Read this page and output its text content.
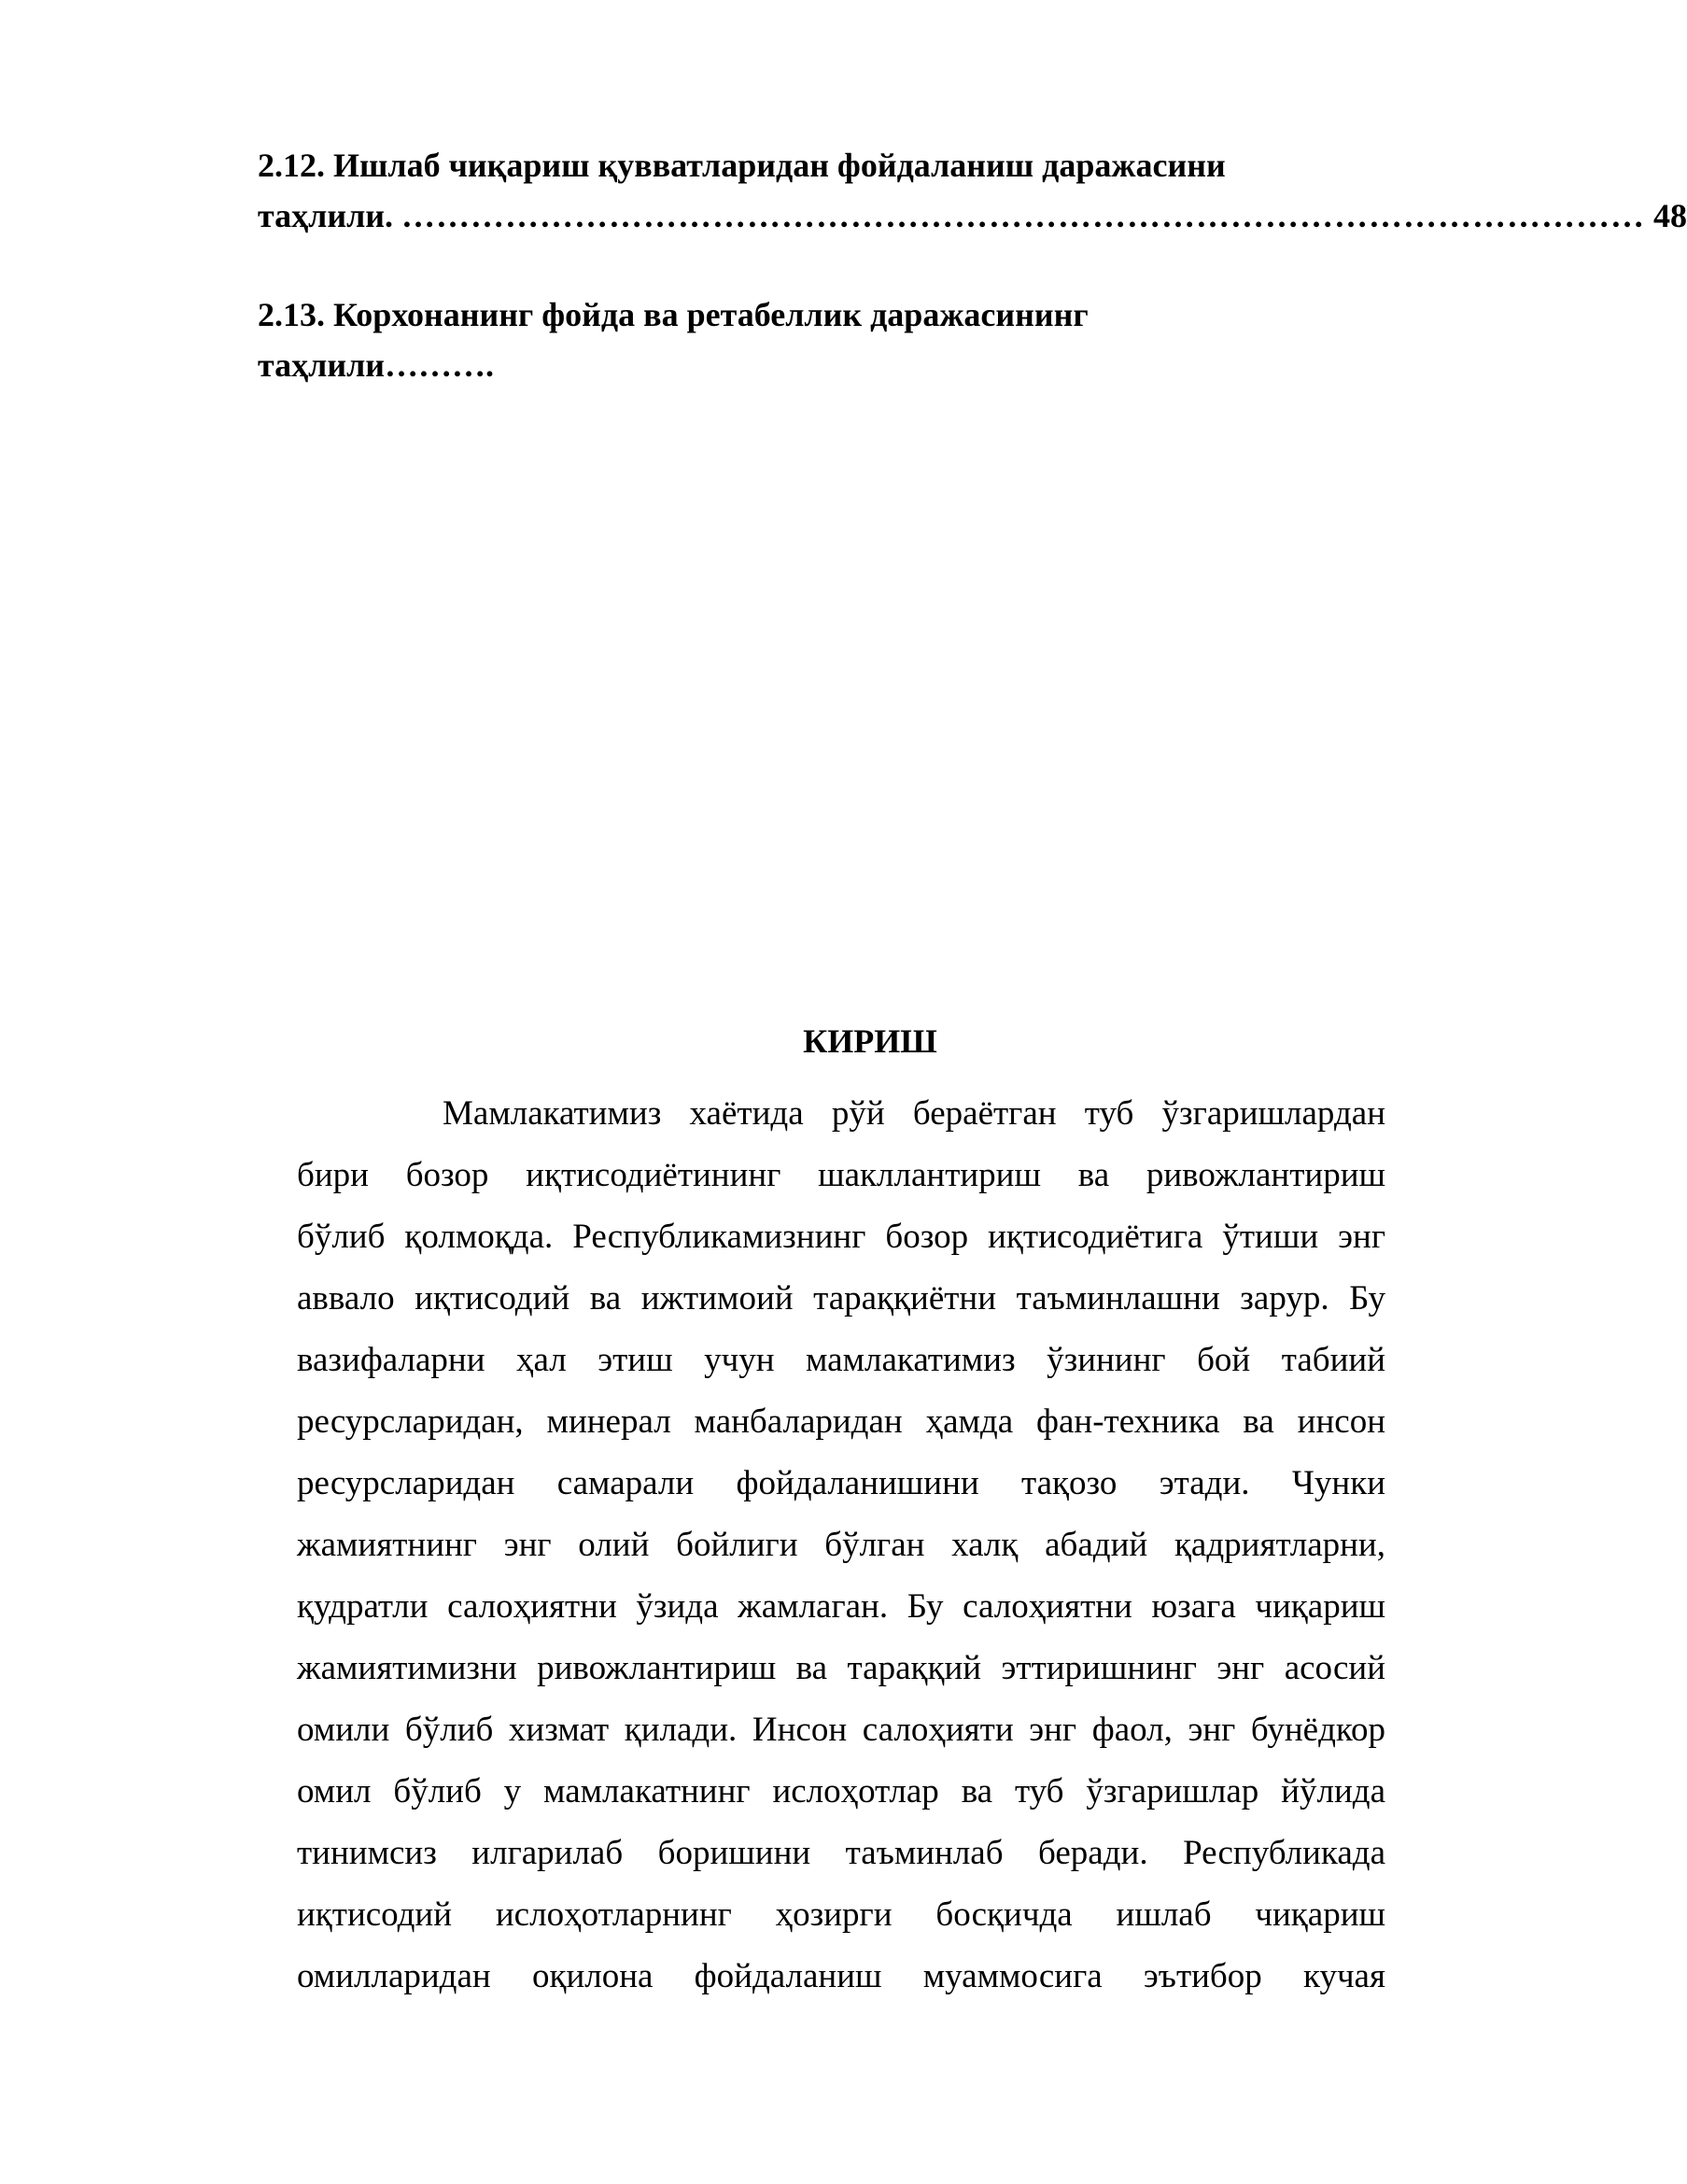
2.12. Ишлаб чиқариш қувватларидан фойдаланиш даражасини
таҳлили. ……………………………………………………………………………………………… 48
2.13. Корхонанинг фойда ва ретабеллик даражасининг
таҳлили……….
КИРИШ
Мамлакатимиз хаётида рўй бераётган туб ўзгаришлардан
бири бозор иқтисодиётининг шакллантириш ва ривожлантириш
бўлиб қолмоқда. Республикамизнинг бозор иқтисодиётига ўтиши энг
аввало иқтисодий ва ижтимоий тараққиётни таъминлашни зарур. Бу
вазифаларни ҳал этиш учун мамлакатимиз ўзининг бой табиий
ресурсларидан, минерал манбаларидан ҳамда фан-техника ва инсон
ресурсларидан самарали фойдаланишини тақозо этади. Чунки
жамиятнинг энг олий бойлиги бўлган халқ абадий қадриятларни,
қудратли салоҳиятни ўзида жамлаган. Бу салоҳиятни юзага чиқариш
жамиятимизни ривожлантириш ва тараққий эттиришнинг энг асосий
омили бўлиб хизмат қилади. Инсон салоҳияти энг фаол, энг бунёдкор
омил бўлиб у мамлакатнинг ислоҳотлар ва туб ўзгаришлар йўлида
тинимсиз илгарилаб боришини таъминлаб беради. Республикада
иқтисодий ислоҳотларнинг ҳозирги босқичда ишлаб чиқариш
омилларидан оқилона фойдаланиш муаммосига эътибор кучая
